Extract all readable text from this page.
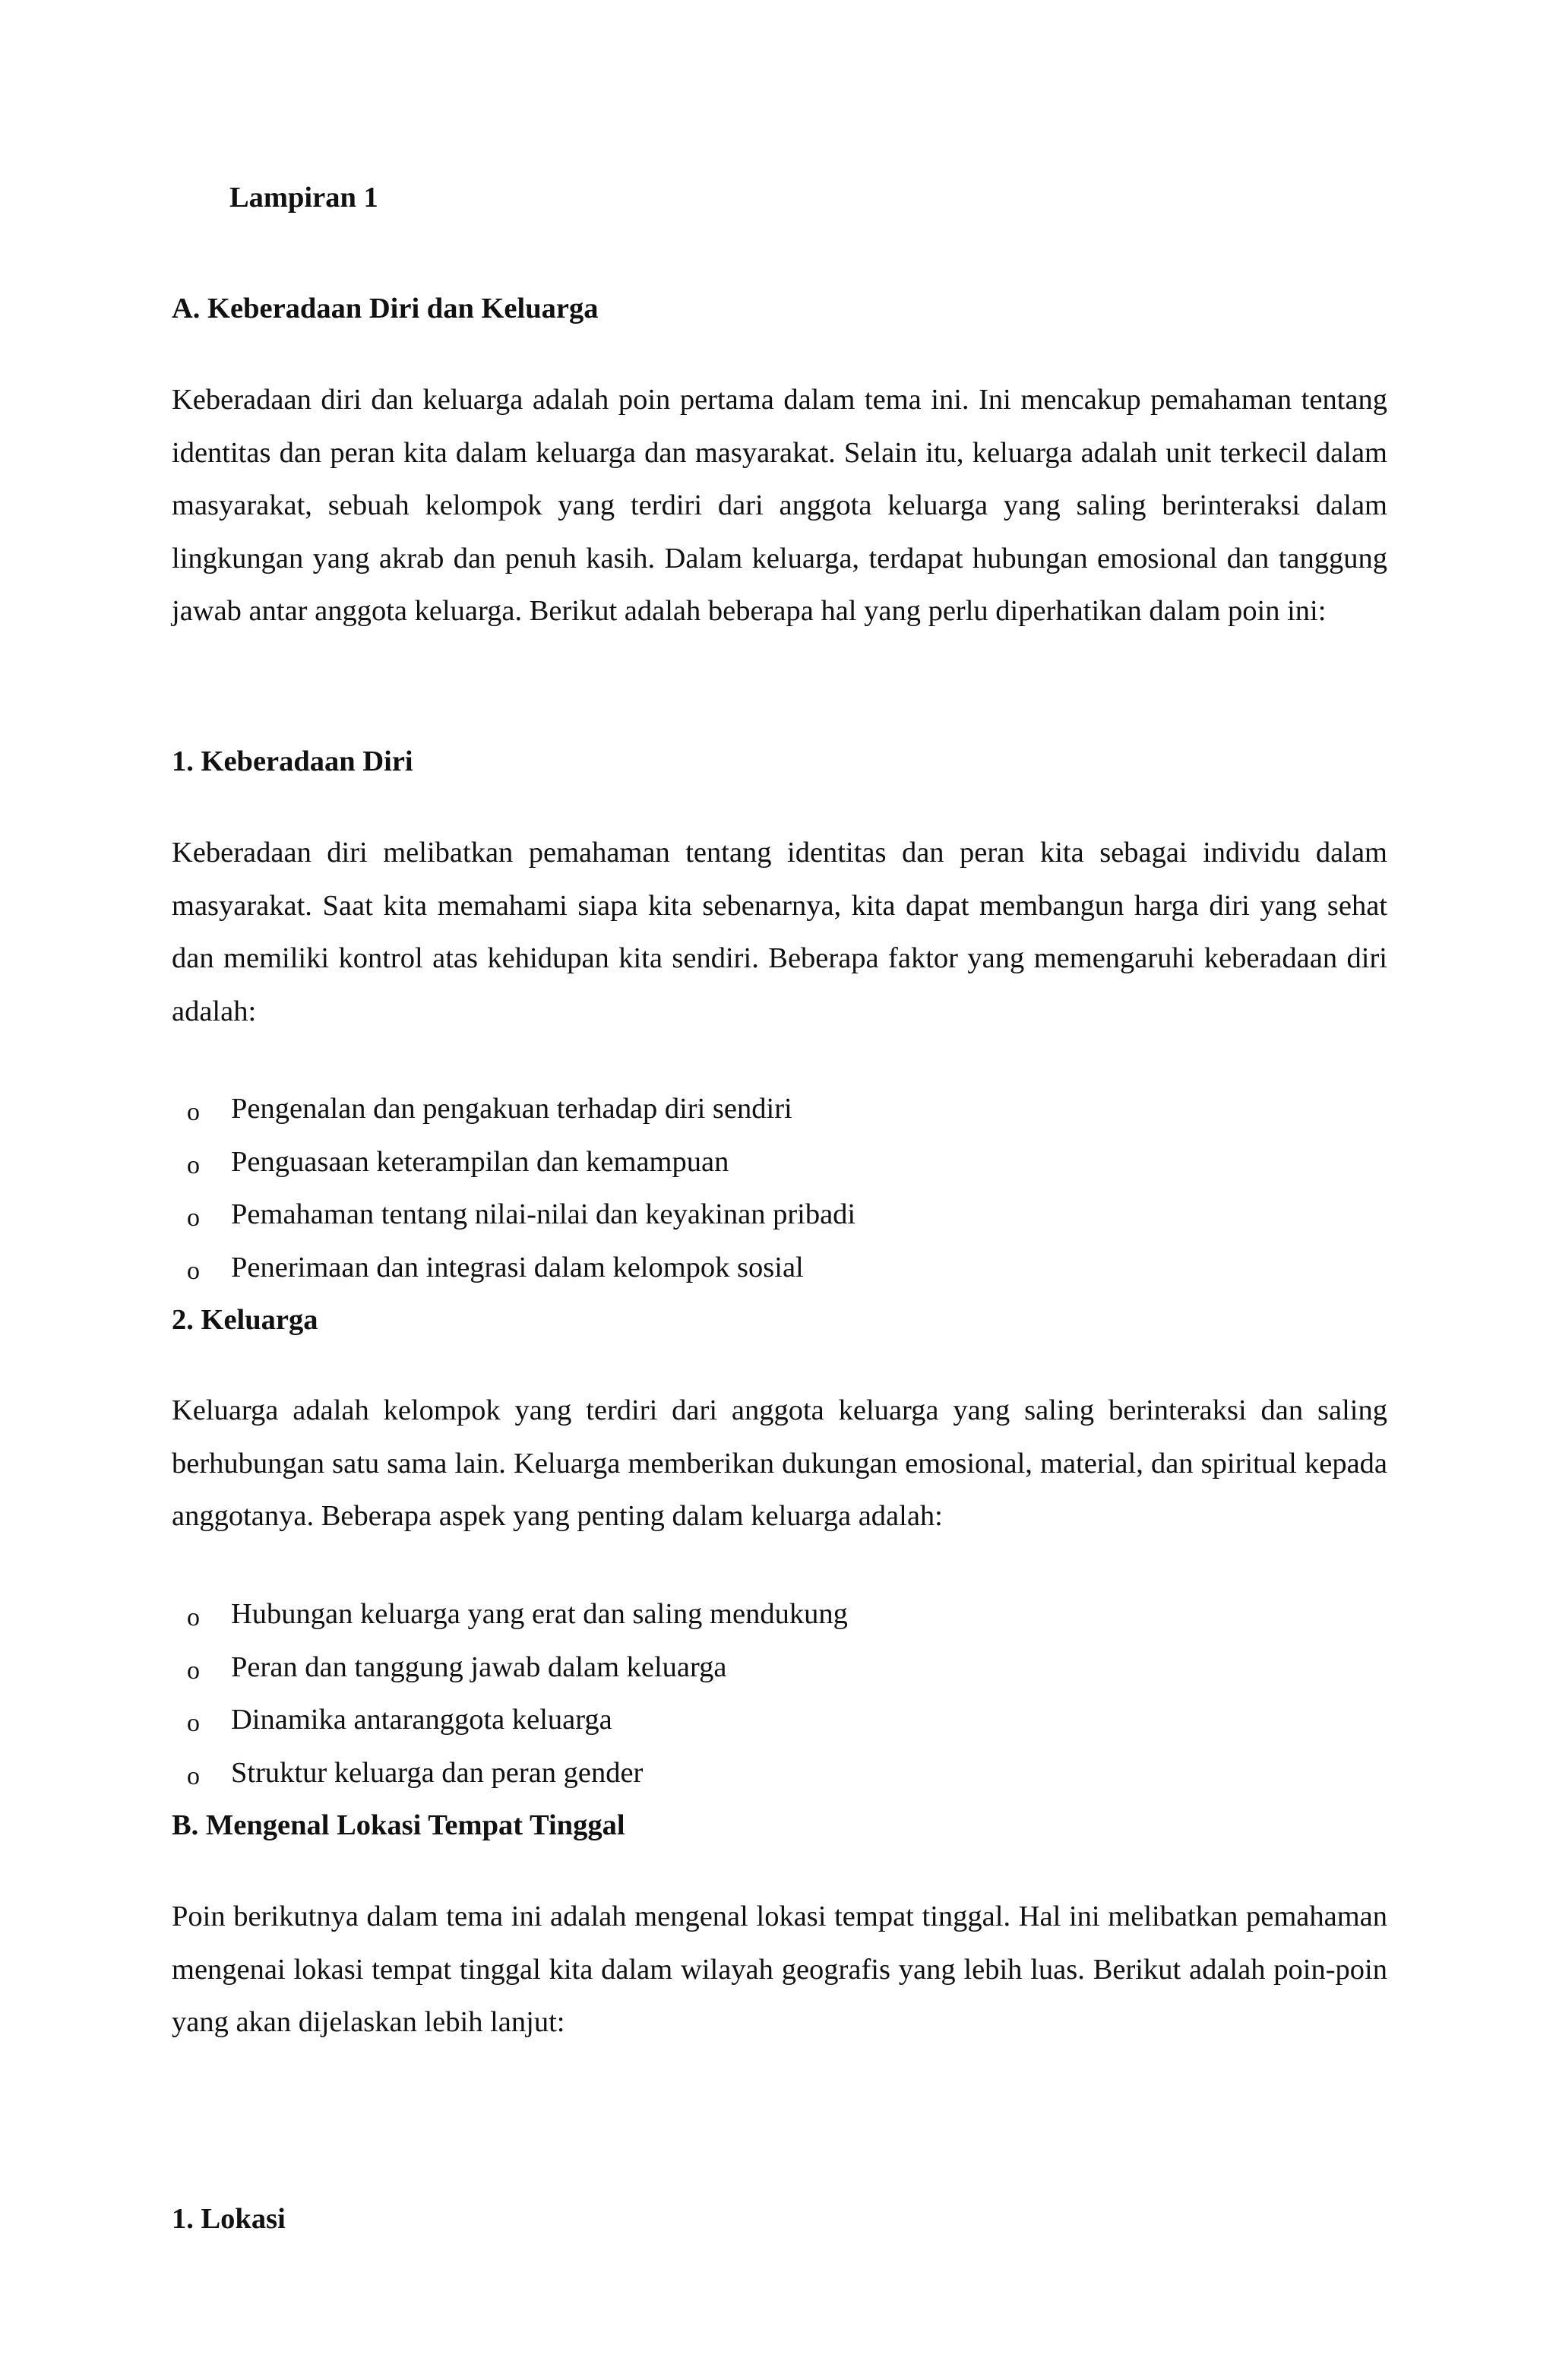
Lampiran 1
A. Keberadaan Diri dan Keluarga

Keberadaan diri dan keluarga adalah poin pertama dalam tema ini. Ini mencakup pemahaman tentang identitas dan peran kita dalam keluarga dan masyarakat. Selain itu, keluarga adalah unit terkecil dalam masyarakat, sebuah kelompok yang terdiri dari anggota keluarga yang saling berinteraksi dalam lingkungan yang akrab dan penuh kasih. Dalam keluarga, terdapat hubungan emosional dan tanggung jawab antar anggota keluarga. Berikut adalah beberapa hal yang perlu diperhatikan dalam poin ini:

1. Keberadaan Diri

Keberadaan diri melibatkan pemahaman tentang identitas dan peran kita sebagai individu dalam masyarakat. Saat kita memahami siapa kita sebenarnya, kita dapat membangun harga diri yang sehat dan memiliki kontrol atas kehidupan kita sendiri. Beberapa faktor yang memengaruhi keberadaan diri adalah:

o Pengenalan dan pengakuan terhadap diri sendiri
o Penguasaan keterampilan dan kemampuan
o Pemahaman tentang nilai-nilai dan keyakinan pribadi
o Penerimaan dan integrasi dalam kelompok sosial
2. Keluarga

Keluarga adalah kelompok yang terdiri dari anggota keluarga yang saling berinteraksi dan saling berhubungan satu sama lain. Keluarga memberikan dukungan emosional, material, dan spiritual kepada anggotanya. Beberapa aspek yang penting dalam keluarga adalah:

o Hubungan keluarga yang erat dan saling mendukung
o Peran dan tanggung jawab dalam keluarga
o Dinamika antaranggota keluarga
o Struktur keluarga dan peran gender
B. Mengenal Lokasi Tempat Tinggal

Poin berikutnya dalam tema ini adalah mengenal lokasi tempat tinggal. Hal ini melibatkan pemahaman mengenai lokasi tempat tinggal kita dalam wilayah geografis yang lebih luas. Berikut adalah poin-poin yang akan dijelaskan lebih lanjut:

1. Lokasi
